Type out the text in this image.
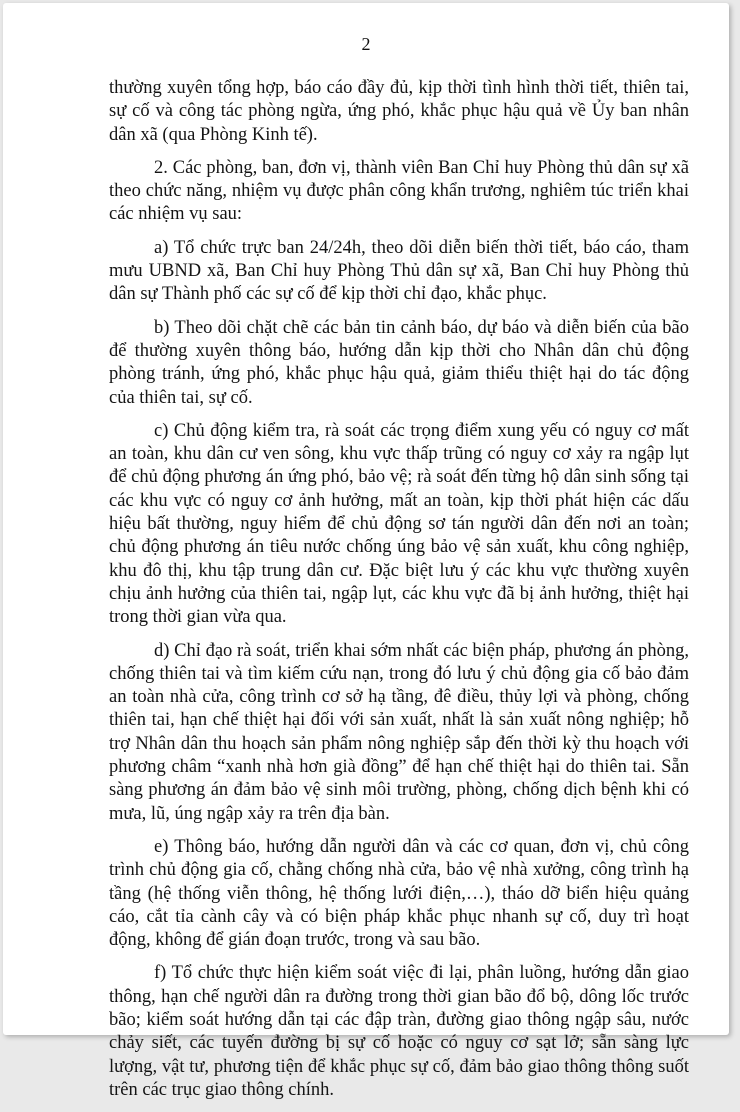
2

thường xuyên tổng hợp, báo cáo đầy đủ, kịp thời tình hình thời tiết, thiên tai, sự cố và công tác phòng ngừa, ứng phó, khắc phục hậu quả về Ủy ban nhân dân xã (qua Phòng Kinh tế).

2. Các phòng, ban, đơn vị, thành viên Ban Chỉ huy Phòng thủ dân sự xã theo chức năng, nhiệm vụ được phân công khẩn trương, nghiêm túc triển khai các nhiệm vụ sau:

a) Tổ chức trực ban 24/24h, theo dõi diễn biến thời tiết, báo cáo, tham mưu UBND xã, Ban Chỉ huy Phòng Thủ dân sự xã, Ban Chỉ huy Phòng thủ dân sự Thành phố các sự cố để kịp thời chỉ đạo, khắc phục.

b) Theo dõi chặt chẽ các bản tin cảnh báo, dự báo và diễn biến của bão để thường xuyên thông báo, hướng dẫn kịp thời cho Nhân dân chủ động phòng tránh, ứng phó, khắc phục hậu quả, giảm thiểu thiệt hại do tác động của thiên tai, sự cố.

c) Chủ động kiểm tra, rà soát các trọng điểm xung yếu có nguy cơ mất an toàn, khu dân cư ven sông, khu vực thấp trũng có nguy cơ xảy ra ngập lụt để chủ động phương án ứng phó, bảo vệ; rà soát đến từng hộ dân sinh sống tại các khu vực có nguy cơ ảnh hưởng, mất an toàn, kịp thời phát hiện các dấu hiệu bất thường, nguy hiểm để chủ động sơ tán người dân đến nơi an toàn; chủ động phương án tiêu nước chống úng bảo vệ sản xuất, khu công nghiệp, khu đô thị, khu tập trung dân cư. Đặc biệt lưu ý các khu vực thường xuyên chịu ảnh hưởng của thiên tai, ngập lụt, các khu vực đã bị ảnh hưởng, thiệt hại trong thời gian vừa qua.

d) Chỉ đạo rà soát, triển khai sớm nhất các biện pháp, phương án phòng, chống thiên tai và tìm kiếm cứu nạn, trong đó lưu ý chủ động gia cố bảo đảm an toàn nhà cửa, công trình cơ sở hạ tầng, đê điều, thủy lợi và phòng, chống thiên tai, hạn chế thiệt hại đối với sản xuất, nhất là sản xuất nông nghiệp; hỗ trợ Nhân dân thu hoạch sản phẩm nông nghiệp sắp đến thời kỳ thu hoạch với phương châm “xanh nhà hơn già đồng” để hạn chế thiệt hại do thiên tai. Sẵn sàng phương án đảm bảo vệ sinh môi trường, phòng, chống dịch bệnh khi có mưa, lũ, úng ngập xảy ra trên địa bàn.

e) Thông báo, hướng dẫn người dân và các cơ quan, đơn vị, chủ công trình chủ động gia cố, chằng chống nhà cửa, bảo vệ nhà xưởng, công trình hạ tầng (hệ thống viễn thông, hệ thống lưới điện,…), tháo dỡ biển hiệu quảng cáo, cắt tỉa cành cây và có biện pháp khắc phục nhanh sự cố, duy trì hoạt động, không để gián đoạn trước, trong và sau bão.

f) Tổ chức thực hiện kiểm soát việc đi lại, phân luồng, hướng dẫn giao thông, hạn chế người dân ra đường trong thời gian bão đổ bộ, dông lốc trước bão; kiểm soát hướng dẫn tại các đập tràn, đường giao thông ngập sâu, nước chảy siết, các tuyến đường bị sự cố hoặc có nguy cơ sạt lở; sẵn sàng lực lượng, vật tư, phương tiện để khắc phục sự cố, đảm bảo giao thông thông suốt trên các trục giao thông chính.
